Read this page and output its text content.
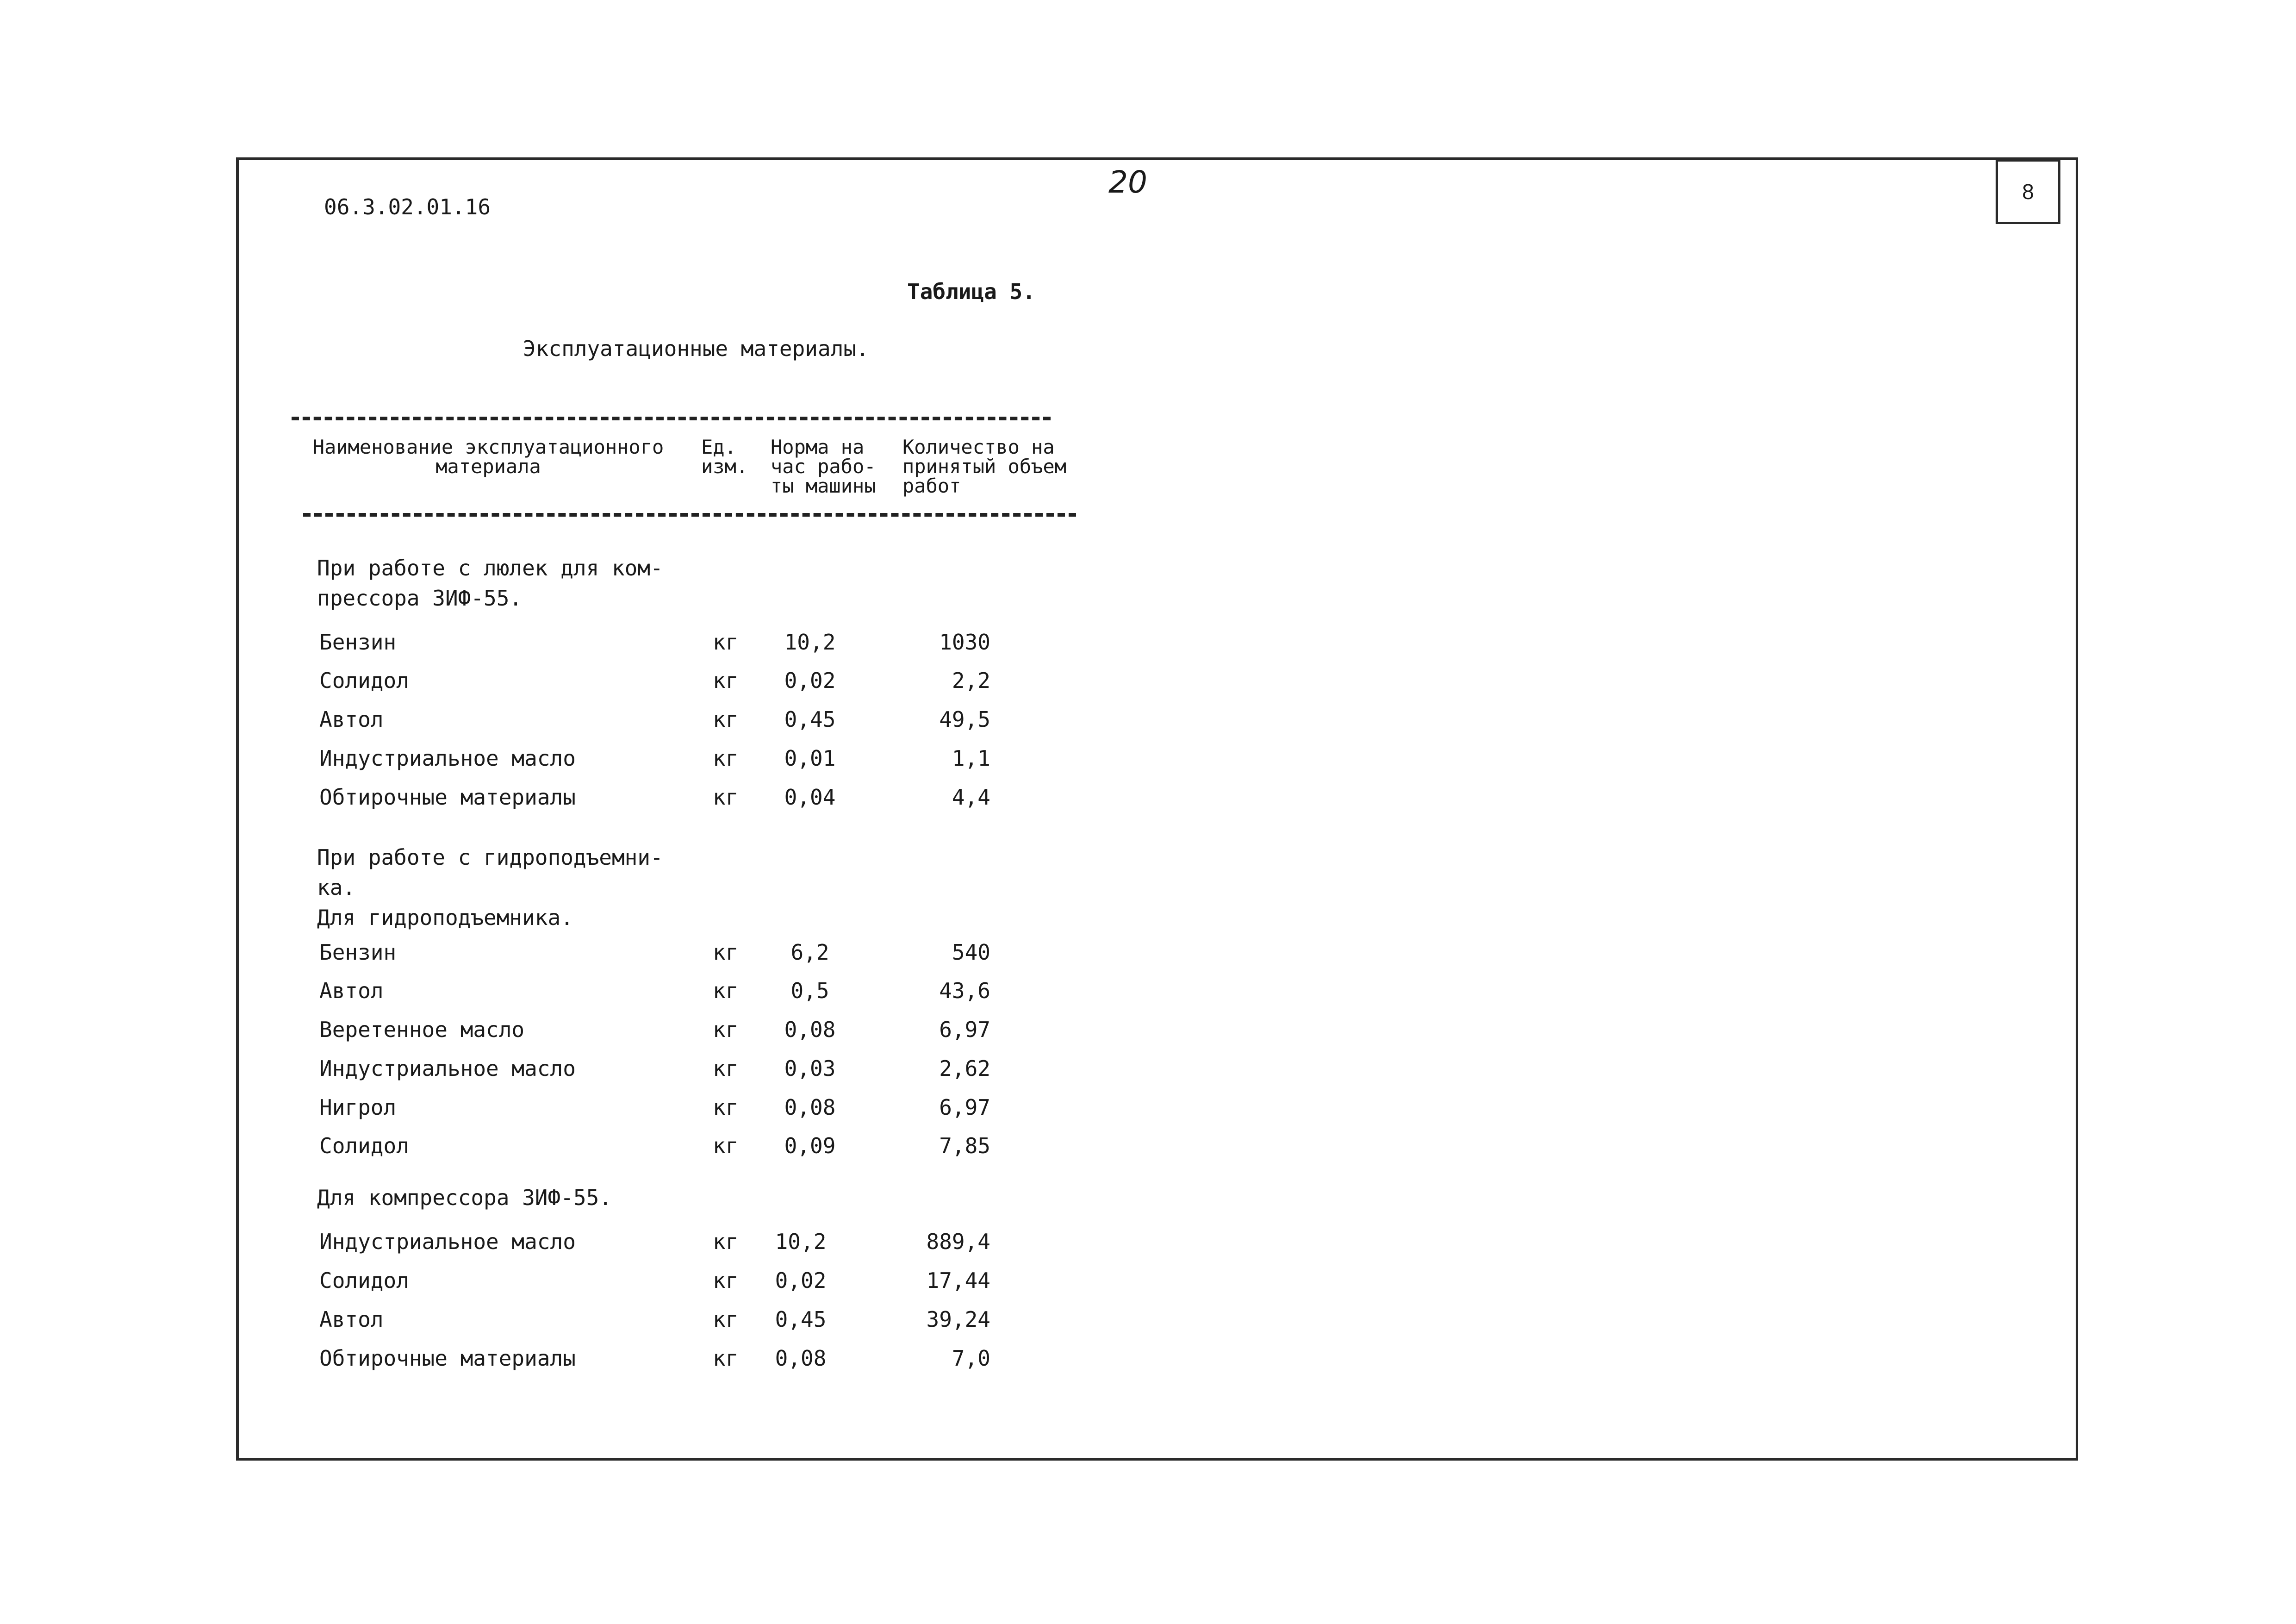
8
06.3.02.01.16
20
Таблица 5.
Эксплуатационные материалы.
Наименование эксплуатационного материала
Ед. изм.
Норма на час рабо- ты машины
Количество на принятый объем работ
При работе с люлек для ком-
прессора ЗИФ-55.
Бензин	кг	10,2	1030
Солидол	кг	0,02	2,2
Автол	кг	0,45	49,5
Индустриальное масло	кг	0,01	1,1
Обтирочные материалы	кг	0,04	4,4
При работе с гидроподъемни-
ка.
Для гидроподъемника.
Бензин	кг	6,2	540
Автол	кг	0,5	43,6
Веретенное масло	кг	0,08	6,97
Индустриальное масло	кг	0,03	2,62
Нигрол	кг	0,08	6,97
Солидол	кг	0,09	7,85
Для компрессора ЗИФ-55.
Индустриальное масло	кг	10,2	889,4
Солидол	кг	0,02	17,44
Автол	кг	0,45	39,24
Обтирочные материалы	кг	0,08	7,0
